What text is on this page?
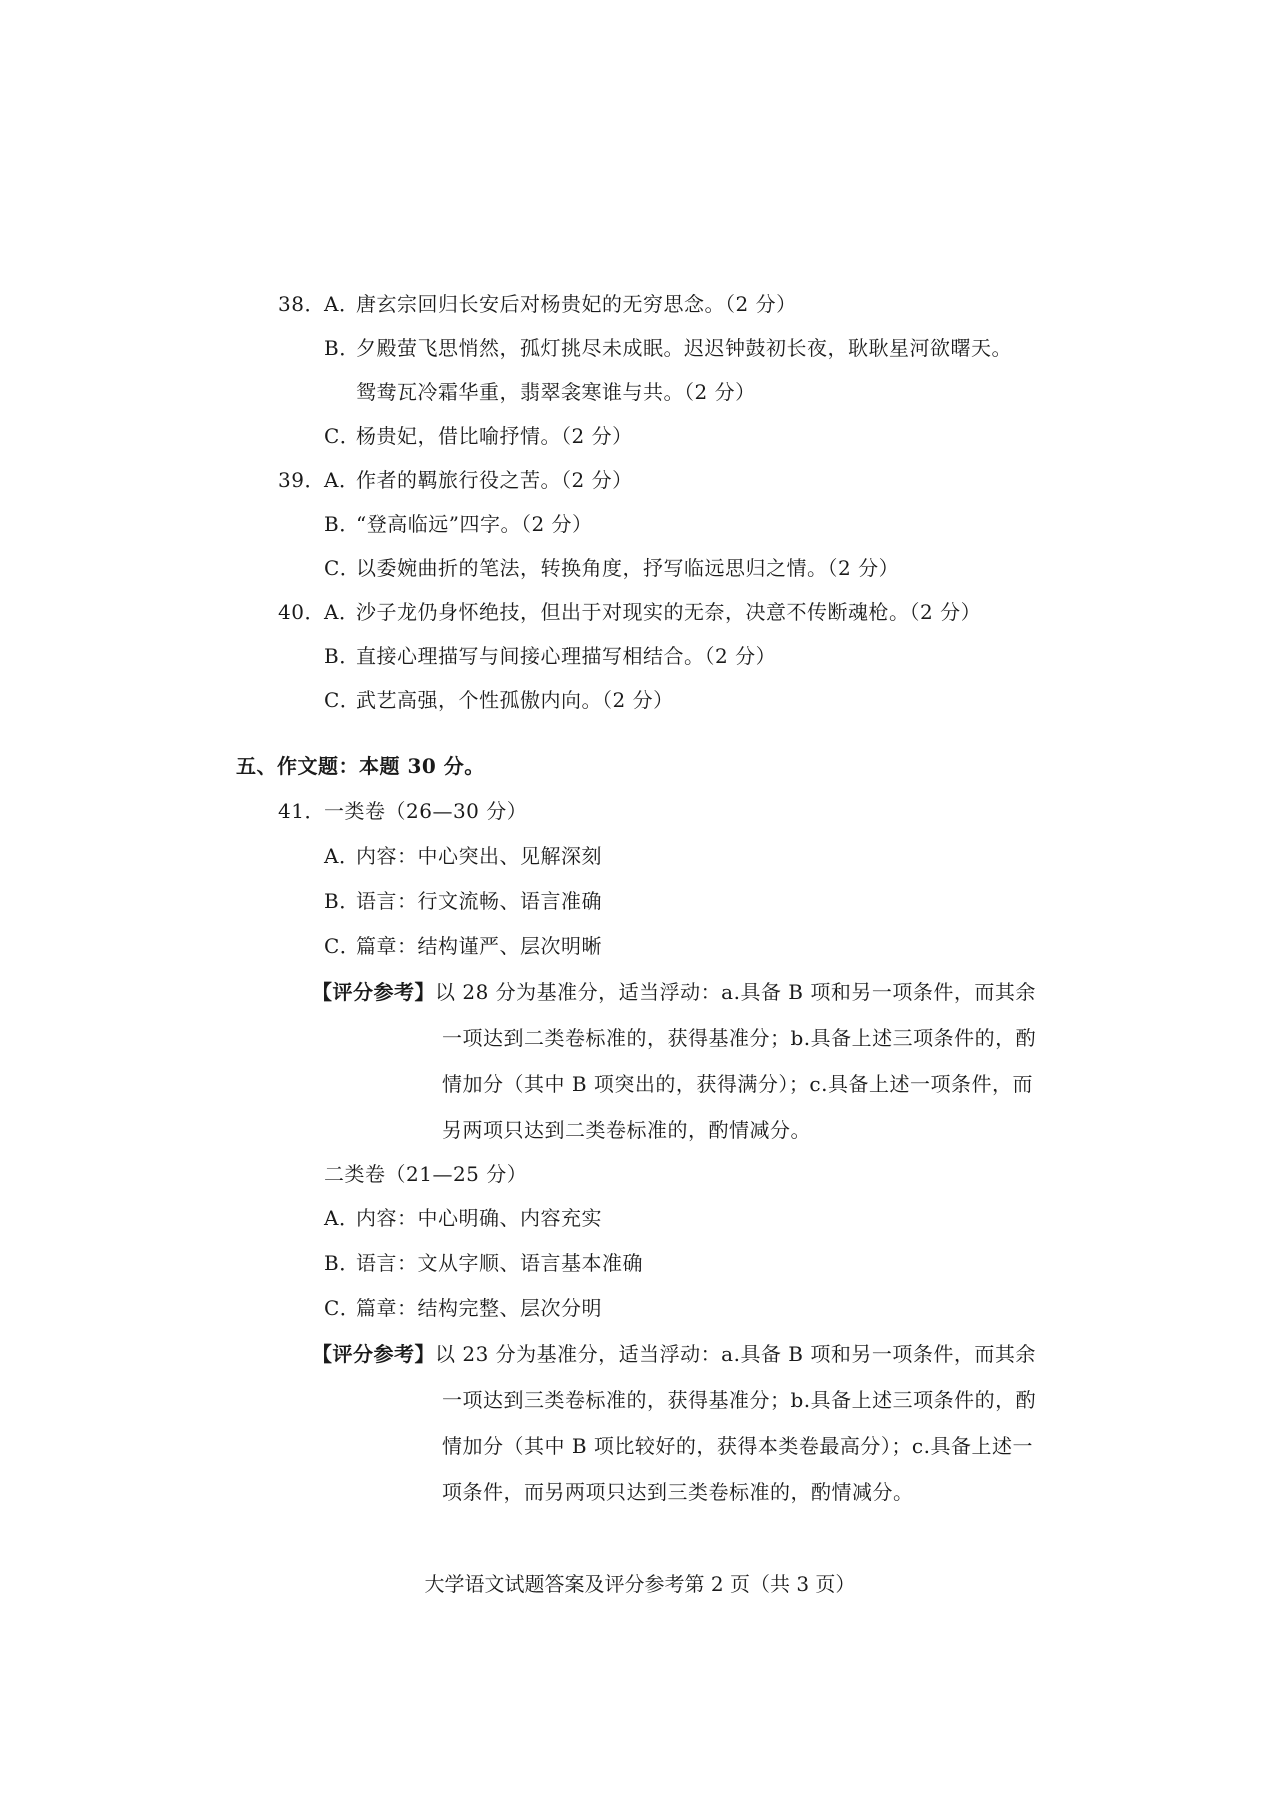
38．A．唐玄宗回归长安后对杨贵妃的无穷思念。（2 分）
B．夕殿萤飞思悄然，孤灯挑尽未成眠。迟迟钟鼓初长夜，耿耿星河欲曙天。
鸳鸯瓦冷霜华重，翡翠衾寒谁与共。（2 分）
C．杨贵妃，借比喻抒情。（2 分）
39．A．作者的羁旅行役之苦。（2 分）
B．“登高临远”四字。（2 分）
C．以委婉曲折的笔法，转换角度，抒写临远思归之情。（2 分）
40．A．沙子龙仍身怀绝技，但出于对现实的无奈，决意不传断魂枪。（2 分）
B．直接心理描写与间接心理描写相结合。（2 分）
C．武艺高强，个性孤傲内向。（2 分）
五、作文题：本题 30 分。
41．一类卷（26—30 分）
A．内容：中心突出、见解深刻
B．语言：行文流畅、语言准确
C．篇章：结构谨严、层次明晰
【评分参考】以 28 分为基准分，适当浮动：a.具备 B 项和另一项条件，而其余
一项达到二类卷标准的，获得基准分；b.具备上述三项条件的，酌
情加分（其中 B 项突出的，获得满分）；c.具备上述一项条件，而
另两项只达到二类卷标准的，酌情减分。
二类卷（21—25 分）
A．内容：中心明确、内容充实
B．语言：文从字顺、语言基本准确
C．篇章：结构完整、层次分明
【评分参考】以 23 分为基准分，适当浮动：a.具备 B 项和另一项条件，而其余
一项达到三类卷标准的，获得基准分；b.具备上述三项条件的，酌
情加分（其中 B 项比较好的，获得本类卷最高分）；c.具备上述一
项条件，而另两项只达到三类卷标准的，酌情减分。
大学语文试题答案及评分参考第 2 页（共 3 页）
